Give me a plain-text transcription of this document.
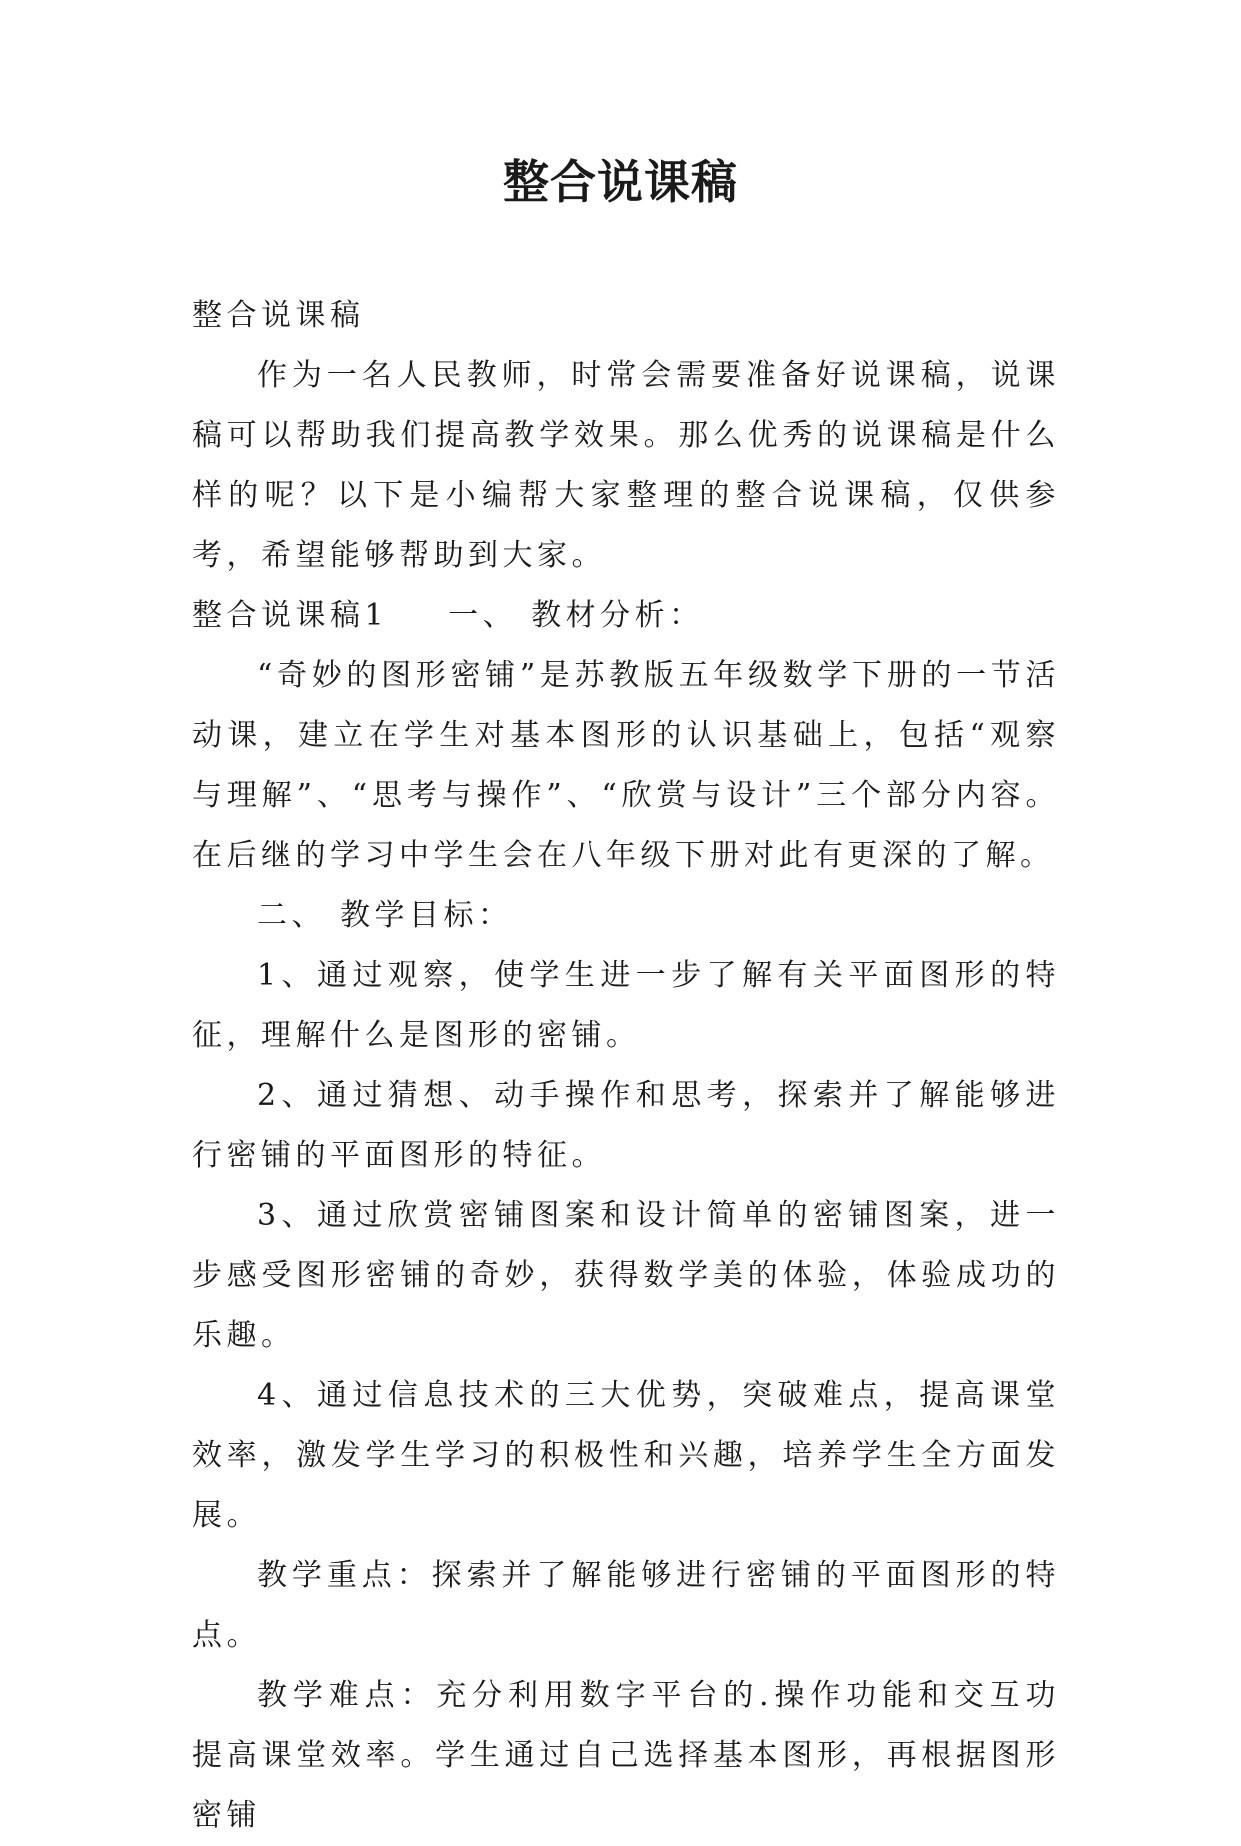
整合说课稿

整合说课稿

作为一名人民教师，时常会需要准备好说课稿，说课稿可以帮助我们提高教学效果。那么优秀的说课稿是什么样的呢？以下是小编帮大家整理的整合说课稿，仅供参考，希望能够帮助到大家。

整合说课稿1 一、 教材分析：

“奇妙的图形密铺”是苏教版五年级数学下册的一节活动课，建立在学生对基本图形的认识基础上，包括“观察与理解”、“思考与操作”、“欣赏与设计”三个部分内容。在后继的学习中学生会在八年级下册对此有更深的了解。

二、 教学目标：

1、通过观察，使学生进一步了解有关平面图形的特征，理解什么是图形的密铺。

2、通过猜想、动手操作和思考，探索并了解能够进行密铺的平面图形的特征。

3、通过欣赏密铺图案和设计简单的密铺图案，进一步感受图形密铺的奇妙，获得数学美的体验，体验成功的乐趣。

4、通过信息技术的三大优势，突破难点，提高课堂效率，激发学生学习的积极性和兴趣，培养学生全方面发展。

教学重点：探索并了解能够进行密铺的平面图形的特点。

教学难点：充分利用数字平台的.操作功能和交互功提高课堂效率。学生通过自己选择基本图形，再根据图形密铺
